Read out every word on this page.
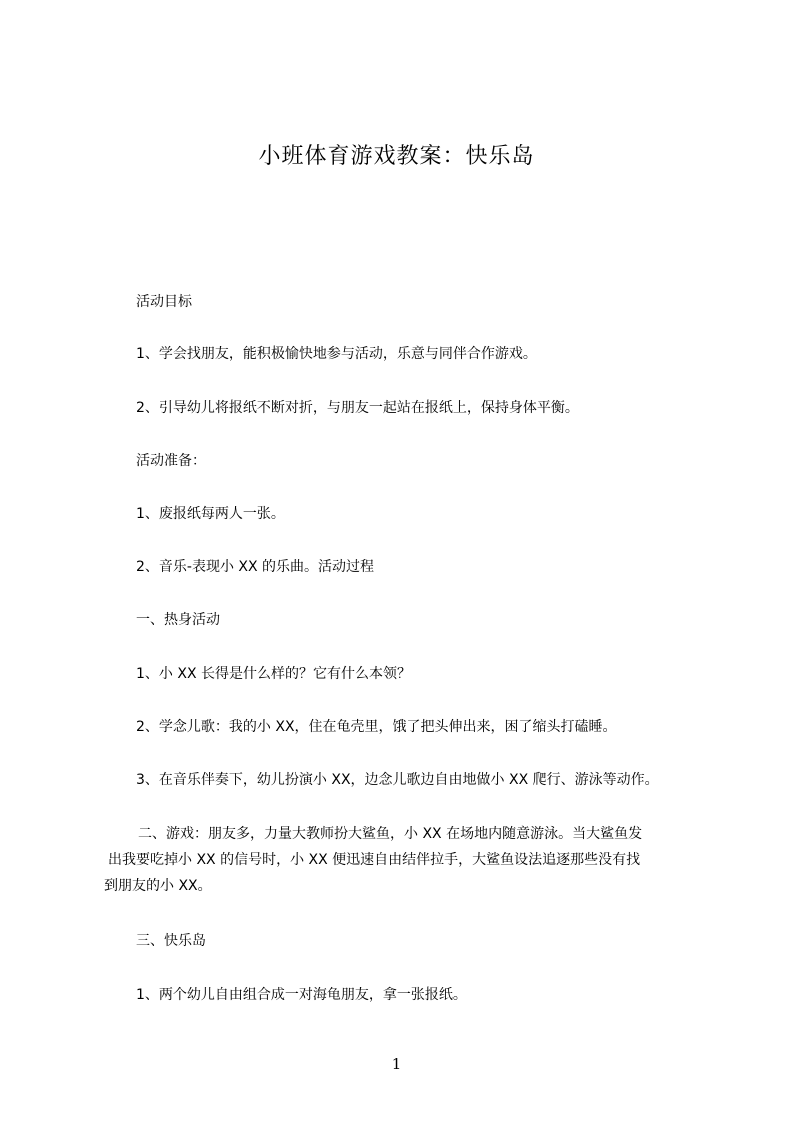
小班体育游戏教案：快乐岛
活动目标
1、学会找朋友，能积极愉快地参与活动，乐意与同伴合作游戏。
2、引导幼儿将报纸不断对折，与朋友一起站在报纸上，保持身体平衡。
活动准备：
1、废报纸每两人一张。
2、音乐-表现小 XX 的乐曲。活动过程
一、热身活动
1、小 XX 长得是什么样的？它有什么本领？
2、学念儿歌：我的小 XX，住在龟壳里，饿了把头伸出来，困了缩头打磕睡。
3、在音乐伴奏下，幼儿扮演小 XX，边念儿歌边自由地做小 XX 爬行、游泳等动作。
二、游戏：朋友多，力量大教师扮大鲨鱼，小 XX 在场地内随意游泳。当大鲨鱼发
出我要吃掉小 XX 的信号时，小 XX 便迅速自由结伴拉手，大鲨鱼设法追逐那些没有找
到朋友的小 XX。
三、快乐岛
1、两个幼儿自由组合成一对海龟朋友，拿一张报纸。
1
